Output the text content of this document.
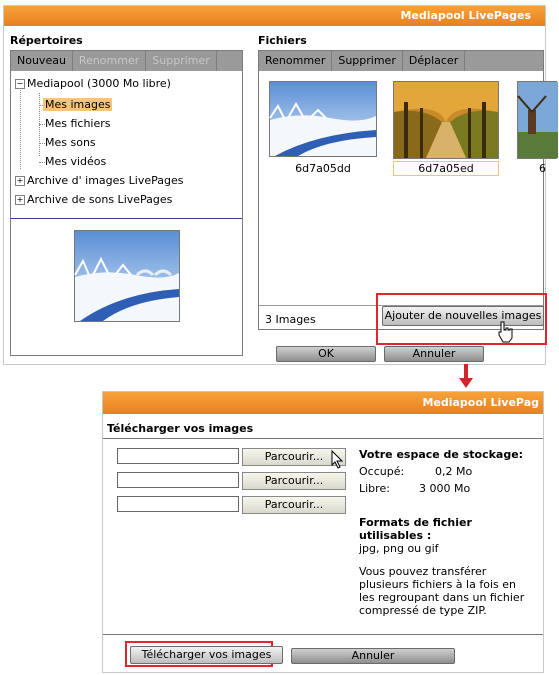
Mediapool LivePages
Répertoires
Nouveau	Renommer	Supprimer
− Mediapool (3000 Mo libre)
Mes images
Mes fichiers
Mes sons
Mes vidéos
+ Archive d' images LivePages
+ Archive de sons LivePages
Fichiers
Renommer	Supprimer	Déplacer
6d7a05dd	6d7a05ed	6
3 Images	Ajouter de nouvelles images
OK	Annuler
Mediapool LivePag
Télécharger vos images
Parcourir...
Parcourir...
Parcourir...
Votre espace de stockage:
Occupé:	0,2 Mo
Libre:	3 000 Mo
Formats de fichier utilisables :
jpg, png ou gif
Vous pouvez transférer plusieurs fichiers à la fois en les regroupant dans un fichier compressé de type ZIP.
Télécharger vos images	Annuler
